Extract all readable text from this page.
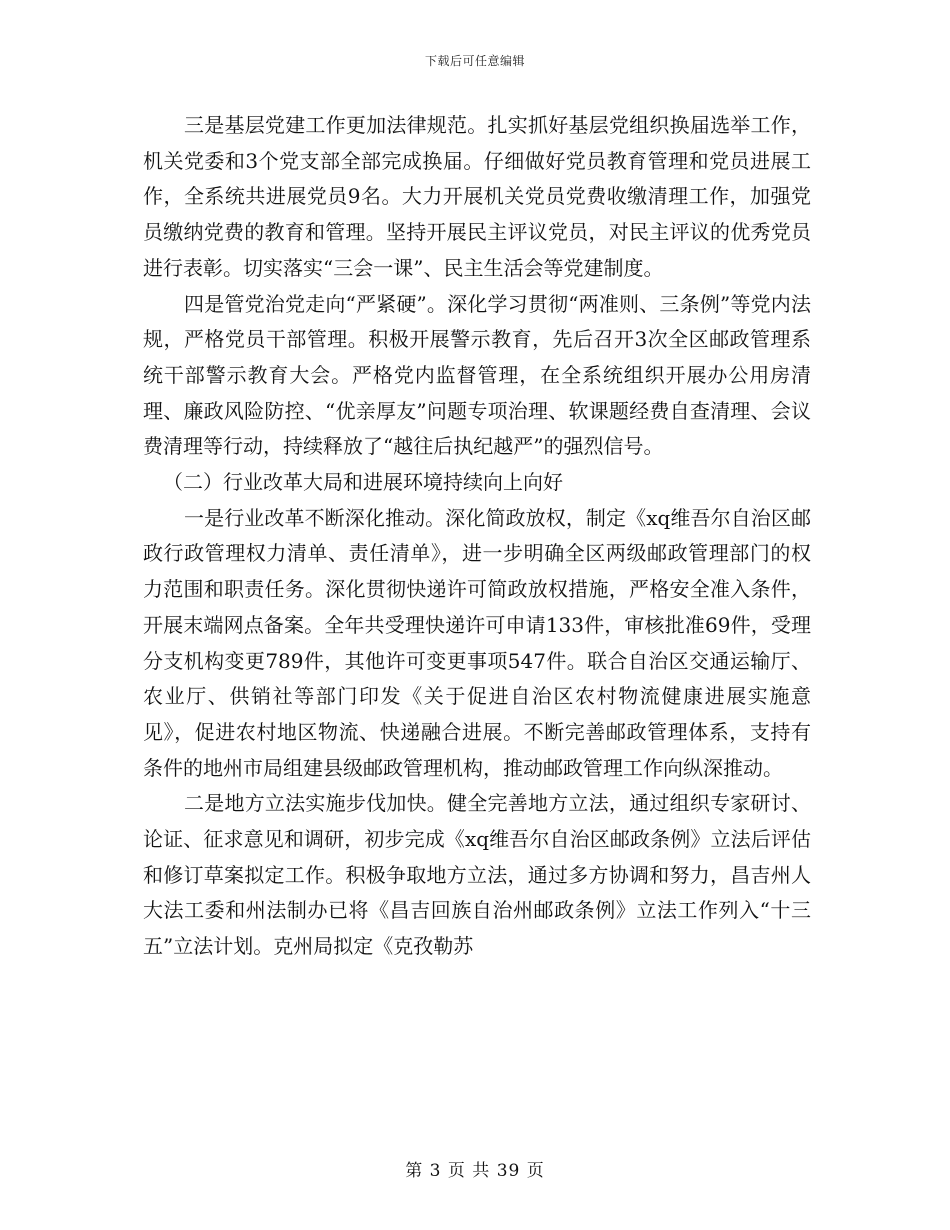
下载后可任意编辑

三是基层党建工作更加法律规范。扎实抓好基层党组织换届选举工作，机关党委和3个党支部全部完成换届。仔细做好党员教育管理和党员进展工作，全系统共进展党员9名。大力开展机关党员党费收缴清理工作，加强党员缴纳党费的教育和管理。坚持开展民主评议党员，对民主评议的优秀党员进行表彰。切实落实“三会一课”、民主生活会等党建制度。

四是管党治党走向“严紧硬”。深化学习贯彻“两准则、三条例”等党内法规，严格党员干部管理。积极开展警示教育，先后召开3次全区邮政管理系统干部警示教育大会。严格党内监督管理，在全系统组织开展办公用房清理、廉政风险防控、“优亲厚友”问题专项治理、软课题经费自查清理、会议费清理等行动，持续释放了“越往后执纪越严”的强烈信号。

（二）行业改革大局和进展环境持续向上向好

一是行业改革不断深化推动。深化简政放权，制定《xq维吾尔自治区邮政行政管理权力清单、责任清单》，进一步明确全区两级邮政管理部门的权力范围和职责任务。深化贯彻快递许可简政放权措施，严格安全准入条件，开展末端网点备案。全年共受理快递许可申请133件，审核批准69件，受理分支机构变更789件，其他许可变更事项547件。联合自治区交通运输厅、农业厅、供销社等部门印发《关于促进自治区农村物流健康进展实施意见》，促进农村地区物流、快递融合进展。不断完善邮政管理体系，支持有条件的地州市局组建县级邮政管理机构，推动邮政管理工作向纵深推动。

二是地方立法实施步伐加快。健全完善地方立法，通过组织专家研讨、论证、征求意见和调研，初步完成《xq维吾尔自治区邮政条例》立法后评估和修订草案拟定工作。积极争取地方立法，通过多方协调和努力，昌吉州人大法工委和州法制办已将《昌吉回族自治州邮政条例》立法工作列入“十三五”立法计划。克州局拟定《克孜勒苏

第 3 页 共 39 页
